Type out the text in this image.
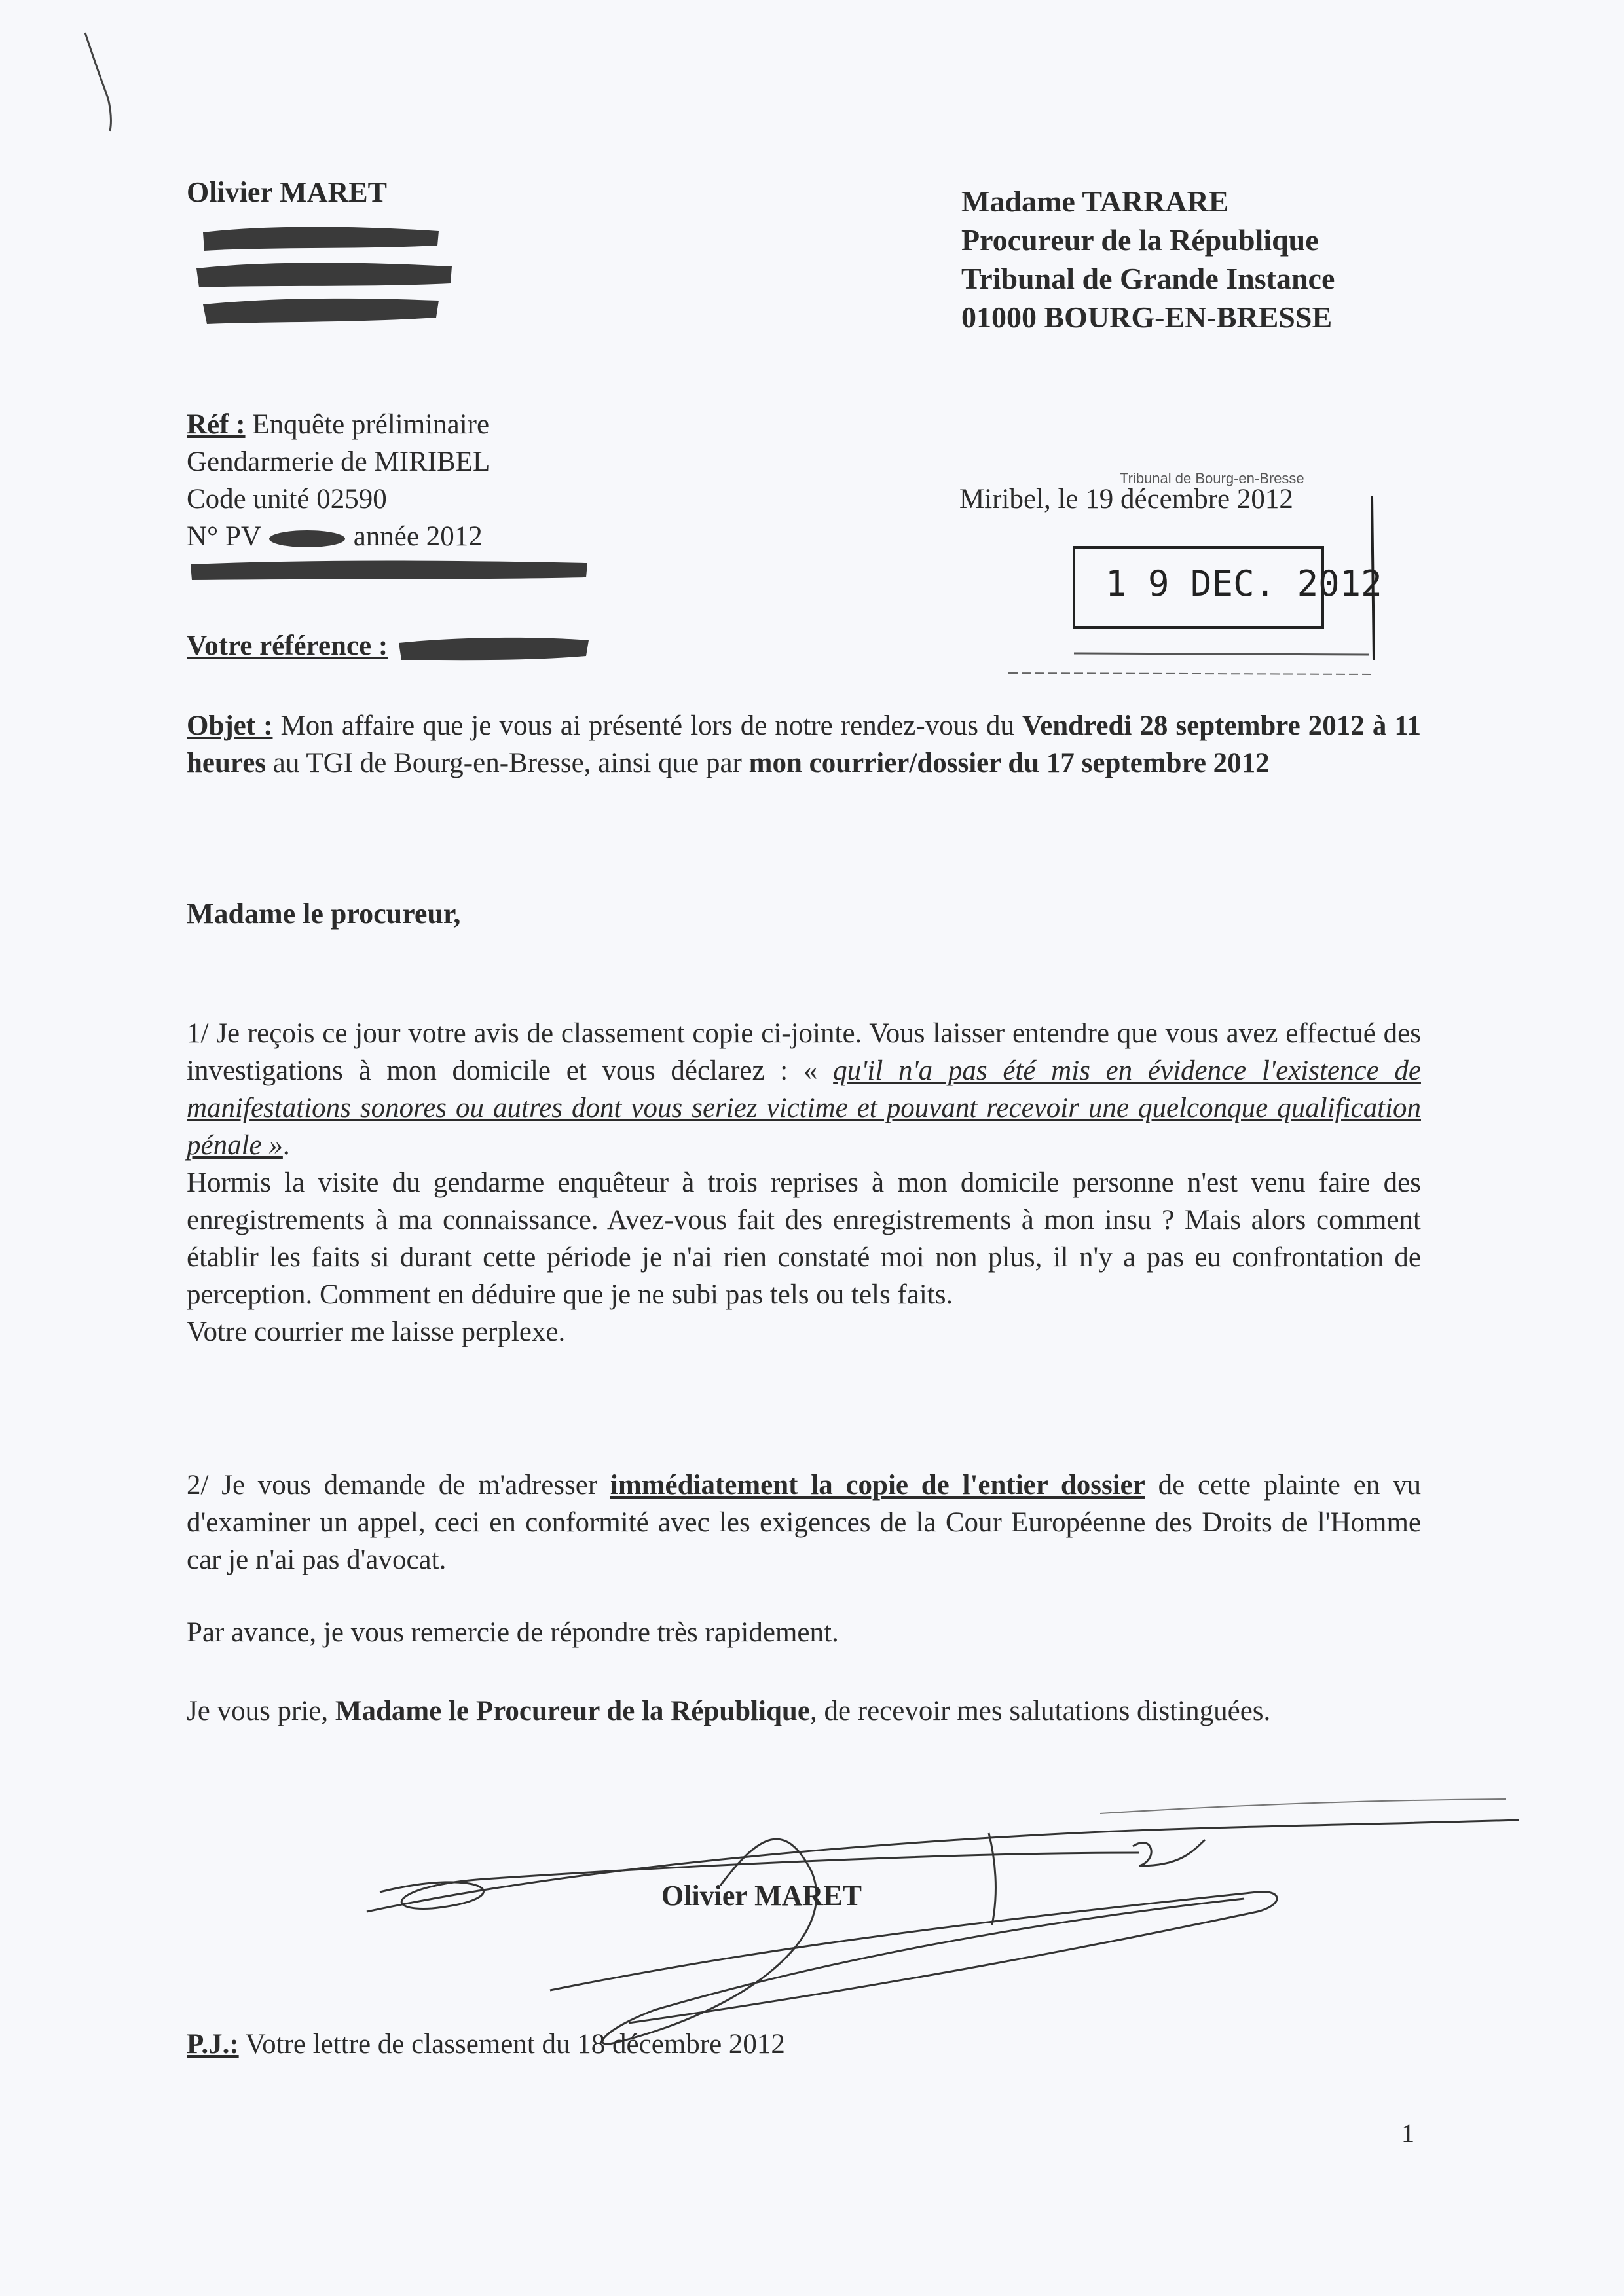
Olivier MARET	Madame TARRARE
Procureur de la République
Tribunal de Grande Instance
01000 BOURG-EN-BRESSE
Réf : Enquête préliminaire
Gendarmerie de MIRIBEL
Code unité 02590
N° PV	année 2012
Miribel, le 19 décembre 2012
Tribunal de Bourg-en-Bresse
1 9 DEC. 2012
Votre référence :
Objet : Mon affaire que je vous ai présenté lors de notre rendez-vous du Vendredi 28 septembre 2012 à 11 heures au TGI de Bourg-en-Bresse, ainsi que par mon courrier/dossier du 17 septembre 2012
Madame le procureur,
1/ Je reçois ce jour votre avis de classement copie ci-jointe. Vous laisser entendre que vous avez effectué des investigations à mon domicile et vous déclarez : « qu'il n'a pas été mis en évidence l'existence de manifestations sonores ou autres dont vous seriez victime et pouvant recevoir une quelconque qualification pénale ».
Hormis la visite du gendarme enquêteur à trois reprises à mon domicile personne n'est venu faire des enregistrements à ma connaissance. Avez-vous fait des enregistrements à mon insu ? Mais alors comment établir les faits si durant cette période je n'ai rien constaté moi non plus, il n'y a pas eu confrontation de perception. Comment en déduire que je ne subi pas tels ou tels faits.
Votre courrier me laisse perplexe.
2/ Je vous demande de m'adresser immédiatement la copie de l'entier dossier de cette plainte en vu d'examiner un appel, ceci en conformité avec les exigences de la Cour Européenne des Droits de l'Homme car je n'ai pas d'avocat.
Par avance, je vous remercie de répondre très rapidement.
Je vous prie, Madame le Procureur de la République, de recevoir mes salutations distinguées.
Olivier MARET
P.J.: Votre lettre de classement du 18 décembre 2012
1
